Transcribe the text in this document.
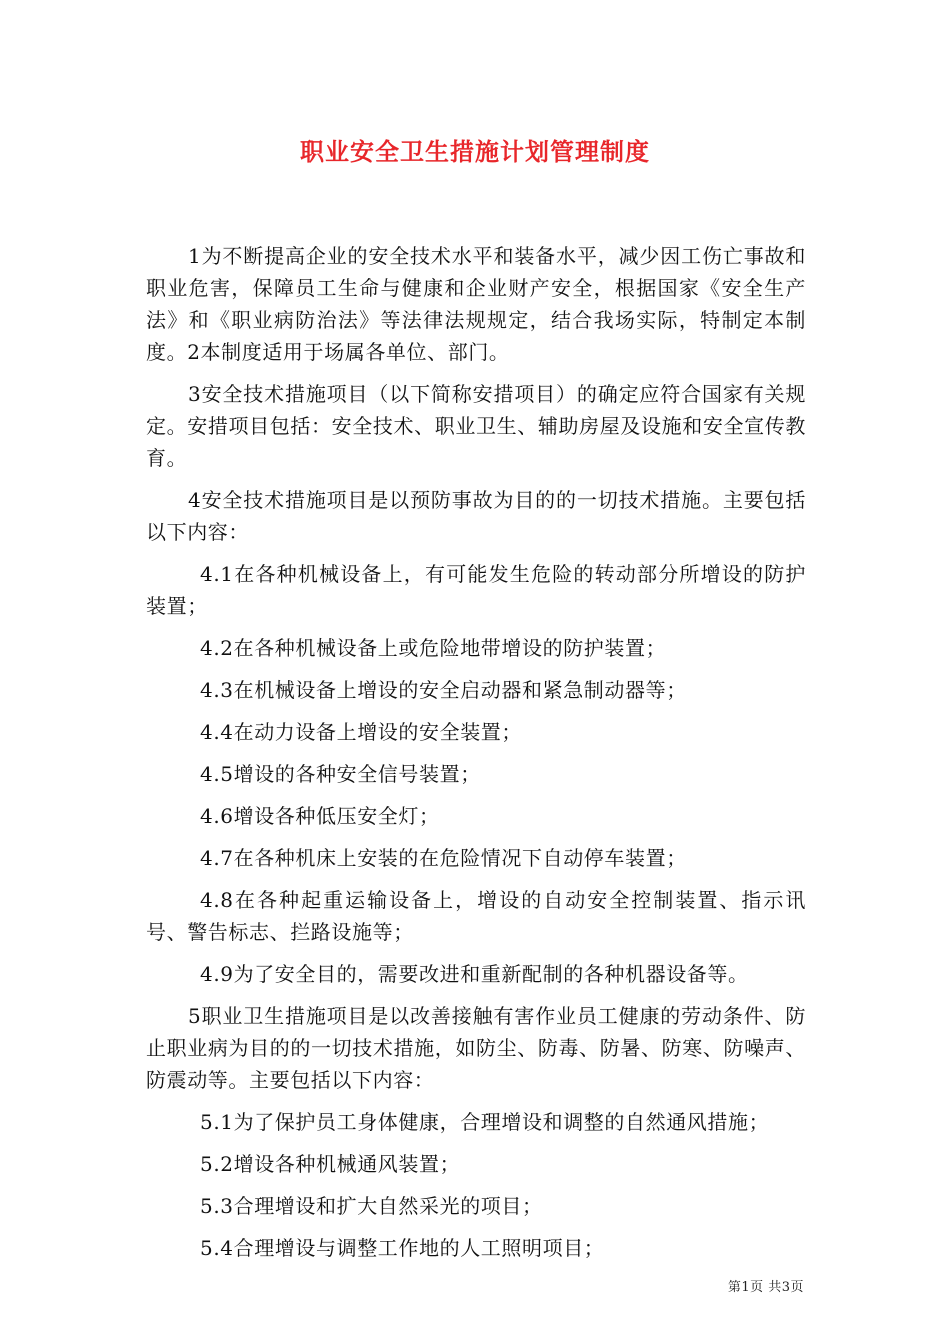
职业安全卫生措施计划管理制度

1为不断提高企业的安全技术水平和装备水平，减少因工伤亡事故和职业危害，保障员工生命与健康和企业财产安全，根据国家《安全生产法》和《职业病防治法》等法律法规规定，结合我场实际，特制定本制度。2本制度适用于场属各单位、部门。

3安全技术措施项目（以下简称安措项目）的确定应符合国家有关规定。安措项目包括：安全技术、职业卫生、辅助房屋及设施和安全宣传教育。

4安全技术措施项目是以预防事故为目的的一切技术措施。主要包括以下内容：

4.1在各种机械设备上，有可能发生危险的转动部分所增设的防护装置；

4.2在各种机械设备上或危险地带增设的防护装置；

4.3在机械设备上增设的安全启动器和紧急制动器等；

4.4在动力设备上增设的安全装置；

4.5增设的各种安全信号装置；

4.6增设各种低压安全灯；

4.7在各种机床上安装的在危险情况下自动停车装置；

4.8在各种起重运输设备上，增设的自动安全控制装置、指示讯号、警告标志、拦路设施等；

4.9为了安全目的，需要改进和重新配制的各种机器设备等。

5职业卫生措施项目是以改善接触有害作业员工健康的劳动条件、防止职业病为目的的一切技术措施，如防尘、防毒、防暑、防寒、防噪声、防震动等。主要包括以下内容：

5.1为了保护员工身体健康，合理增设和调整的自然通风措施；

5.2增设各种机械通风装置；

5.3合理增设和扩大自然采光的项目；

5.4合理增设与调整工作地的人工照明项目；

第1页 共3页
